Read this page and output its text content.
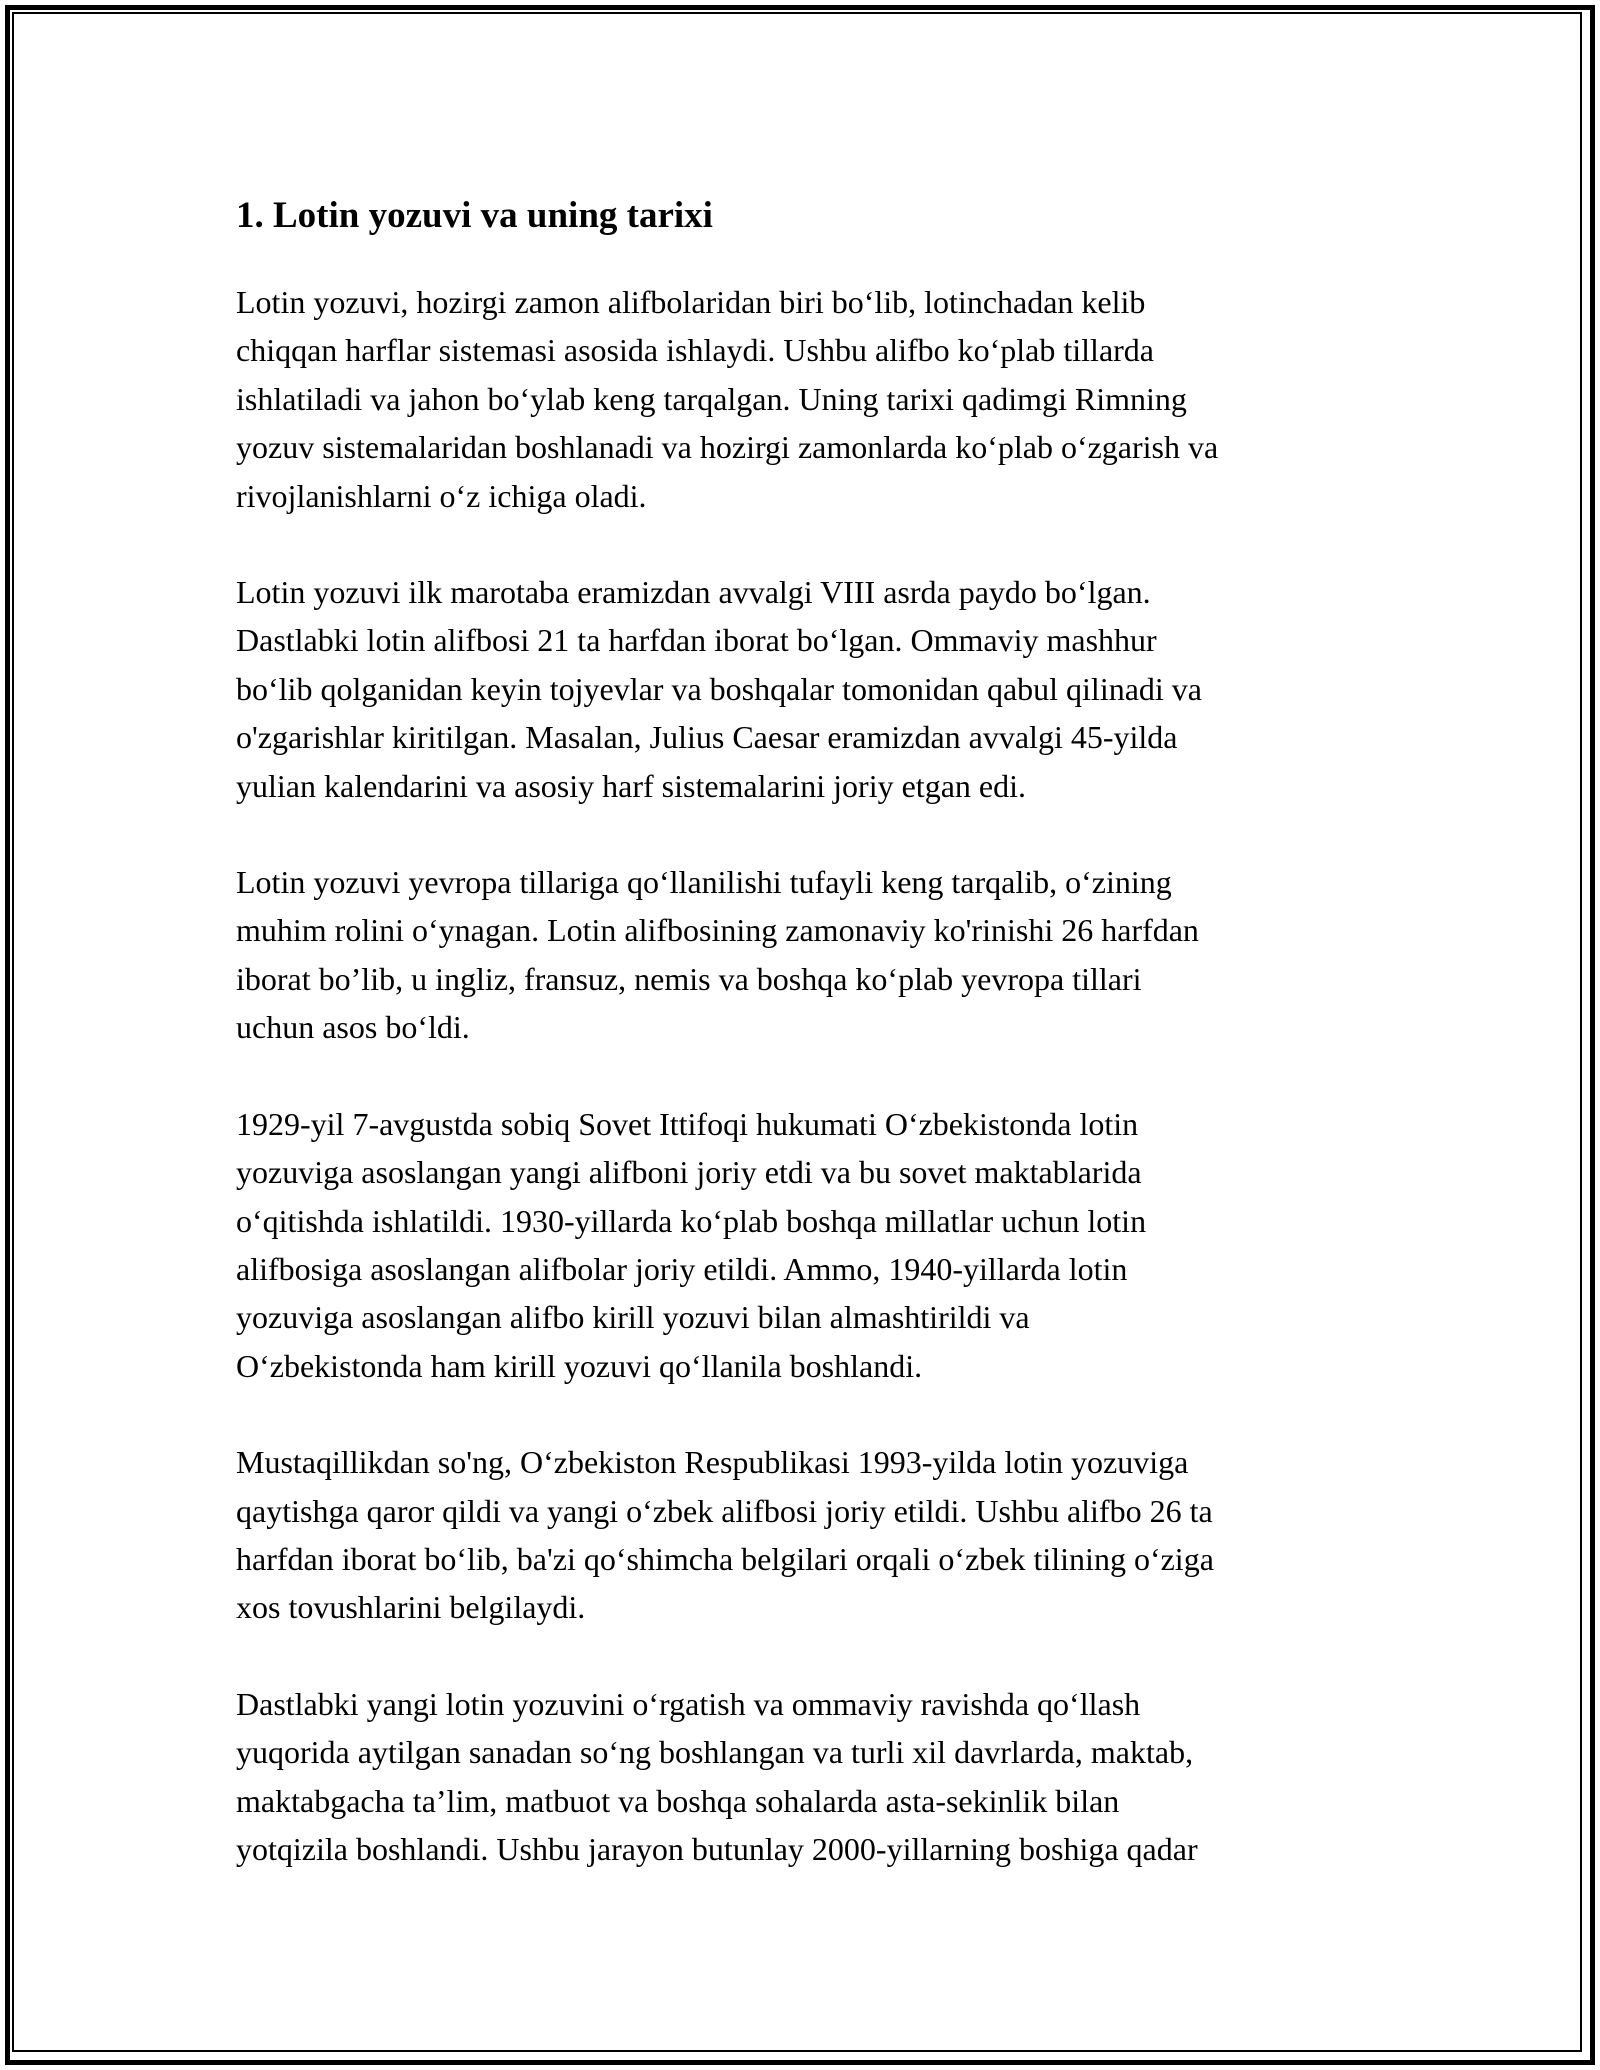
1. Lotin yozuvi va uning tarixi

Lotin yozuvi, hozirgi zamon alifbolaridan biri bo‘lib, lotinchadan kelib
chiqqan harflar sistemasi asosida ishlaydi. Ushbu alifbo ko‘plab tillarda
ishlatiladi va jahon bo‘ylab keng tarqalgan. Uning tarixi qadimgi Rimning
yozuv sistemalaridan boshlanadi va hozirgi zamonlarda ko‘plab o‘zgarish va
rivojlanishlarni o‘z ichiga oladi.

Lotin yozuvi ilk marotaba eramizdan avvalgi VIII asrda paydo bo‘lgan.
Dastlabki lotin alifbosi 21 ta harfdan iborat bo‘lgan. Ommaviy mashhur
bo‘lib qolganidan keyin tojyevlar va boshqalar tomonidan qabul qilinadi va
o'zgarishlar kiritilgan. Masalan, Julius Caesar eramizdan avvalgi 45-yilda
yulian kalendarini va asosiy harf sistemalarini joriy etgan edi.

Lotin yozuvi yevropa tillariga qo‘llanilishi tufayli keng tarqalib, o‘zining
muhim rolini o‘ynagan. Lotin alifbosining zamonaviy ko'rinishi 26 harfdan
iborat bo’lib, u ingliz, fransuz, nemis va boshqa ko‘plab yevropa tillari
uchun asos bo‘ldi.

1929-yil 7-avgustda sobiq Sovet Ittifoqi hukumati O‘zbekistonda lotin
yozuviga asoslangan yangi alifboni joriy etdi va bu sovet maktablarida
o‘qitishda ishlatildi. 1930-yillarda ko‘plab boshqa millatlar uchun lotin
alifbosiga asoslangan alifbolar joriy etildi. Ammo, 1940-yillarda lotin
yozuviga asoslangan alifbo kirill yozuvi bilan almashtirildi va
O‘zbekistonda ham kirill yozuvi qo‘llanila boshlandi.

Mustaqillikdan so'ng, O‘zbekiston Respublikasi 1993-yilda lotin yozuviga
qaytishga qaror qildi va yangi o‘zbek alifbosi joriy etildi. Ushbu alifbo 26 ta
harfdan iborat bo‘lib, ba'zi qo‘shimcha belgilari orqali o‘zbek tilining o‘ziga
xos tovushlarini belgilaydi.

Dastlabki yangi lotin yozuvini o‘rgatish va ommaviy ravishda qo‘llash
yuqorida aytilgan sanadan so‘ng boshlangan va turli xil davrlarda, maktab,
maktabgacha ta’lim, matbuot va boshqa sohalarda asta-sekinlik bilan
yotqizila boshlandi. Ushbu jarayon butunlay 2000-yillarning boshiga qadar
